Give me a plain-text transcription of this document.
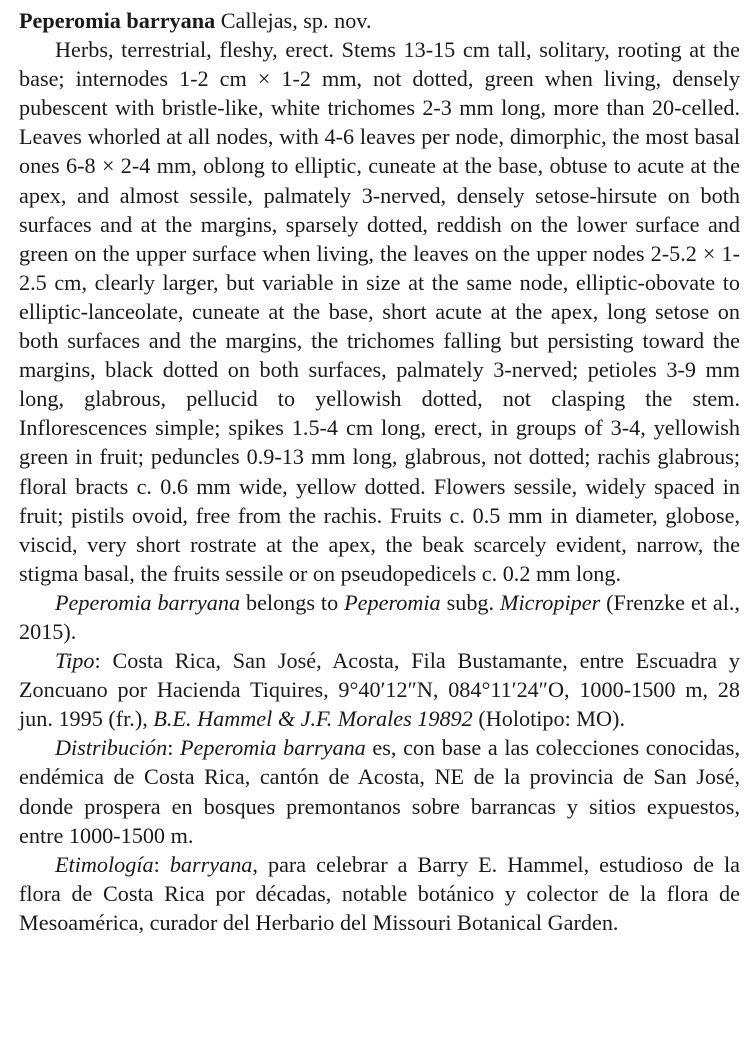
Peperomia barryana Callejas, sp. nov.

Herbs, terrestrial, fleshy, erect. Stems 13-15 cm tall, solitary, rooting at the base; internodes 1-2 cm × 1-2 mm, not dotted, green when living, densely pubescent with bristle-like, white trichomes 2-3 mm long, more than 20-celled. Leaves whorled at all nodes, with 4-6 leaves per node, dimorphic, the most basal ones 6-8 × 2-4 mm, oblong to elliptic, cuneate at the base, obtuse to acute at the apex, and almost sessile, palmately 3-nerved, densely setose-hirsute on both surfaces and at the margins, sparsely dotted, reddish on the lower surface and green on the upper surface when living, the leaves on the upper nodes 2-5.2 × 1-2.5 cm, clearly larger, but variable in size at the same node, elliptic-obovate to elliptic-lanceolate, cuneate at the base, short acute at the apex, long setose on both surfaces and the margins, the trichomes falling but persisting toward the margins, black dotted on both surfaces, palmately 3-nerved; petioles 3-9 mm long, glabrous, pellucid to yellowish dotted, not clasping the stem. Inflorescences simple; spikes 1.5-4 cm long, erect, in groups of 3-4, yellowish green in fruit; peduncles 0.9-13 mm long, glabrous, not dotted; rachis glabrous; floral bracts c. 0.6 mm wide, yellow dotted. Flowers sessile, widely spaced in fruit; pistils ovoid, free from the rachis. Fruits c. 0.5 mm in diameter, globose, viscid, very short rostrate at the apex, the beak scarcely evident, narrow, the stigma basal, the fruits sessile or on pseudopedicels c. 0.2 mm long.

Peperomia barryana belongs to Peperomia subg. Micropiper (Frenzke et al., 2015).

Tipo: Costa Rica, San José, Acosta, Fila Bustamante, entre Escuadra y Zoncuano por Hacienda Tiquires, 9°40′12″N, 084°11′24″O, 1000-1500 m, 28 jun. 1995 (fr.), B.E. Hammel & J.F. Morales 19892 (Holotipo: MO).

Distribución: Peperomia barryana es, con base a las colecciones conocidas, endémica de Costa Rica, cantón de Acosta, NE de la provincia de San José, donde prospera en bosques premontanos sobre barrancas y sitios expuestos, entre 1000-1500 m.

Etimología: barryana, para celebrar a Barry E. Hammel, estudioso de la flora de Costa Rica por décadas, notable botánico y colector de la flora de Mesoamérica, curador del Herbario del Missouri Botanical Garden.
